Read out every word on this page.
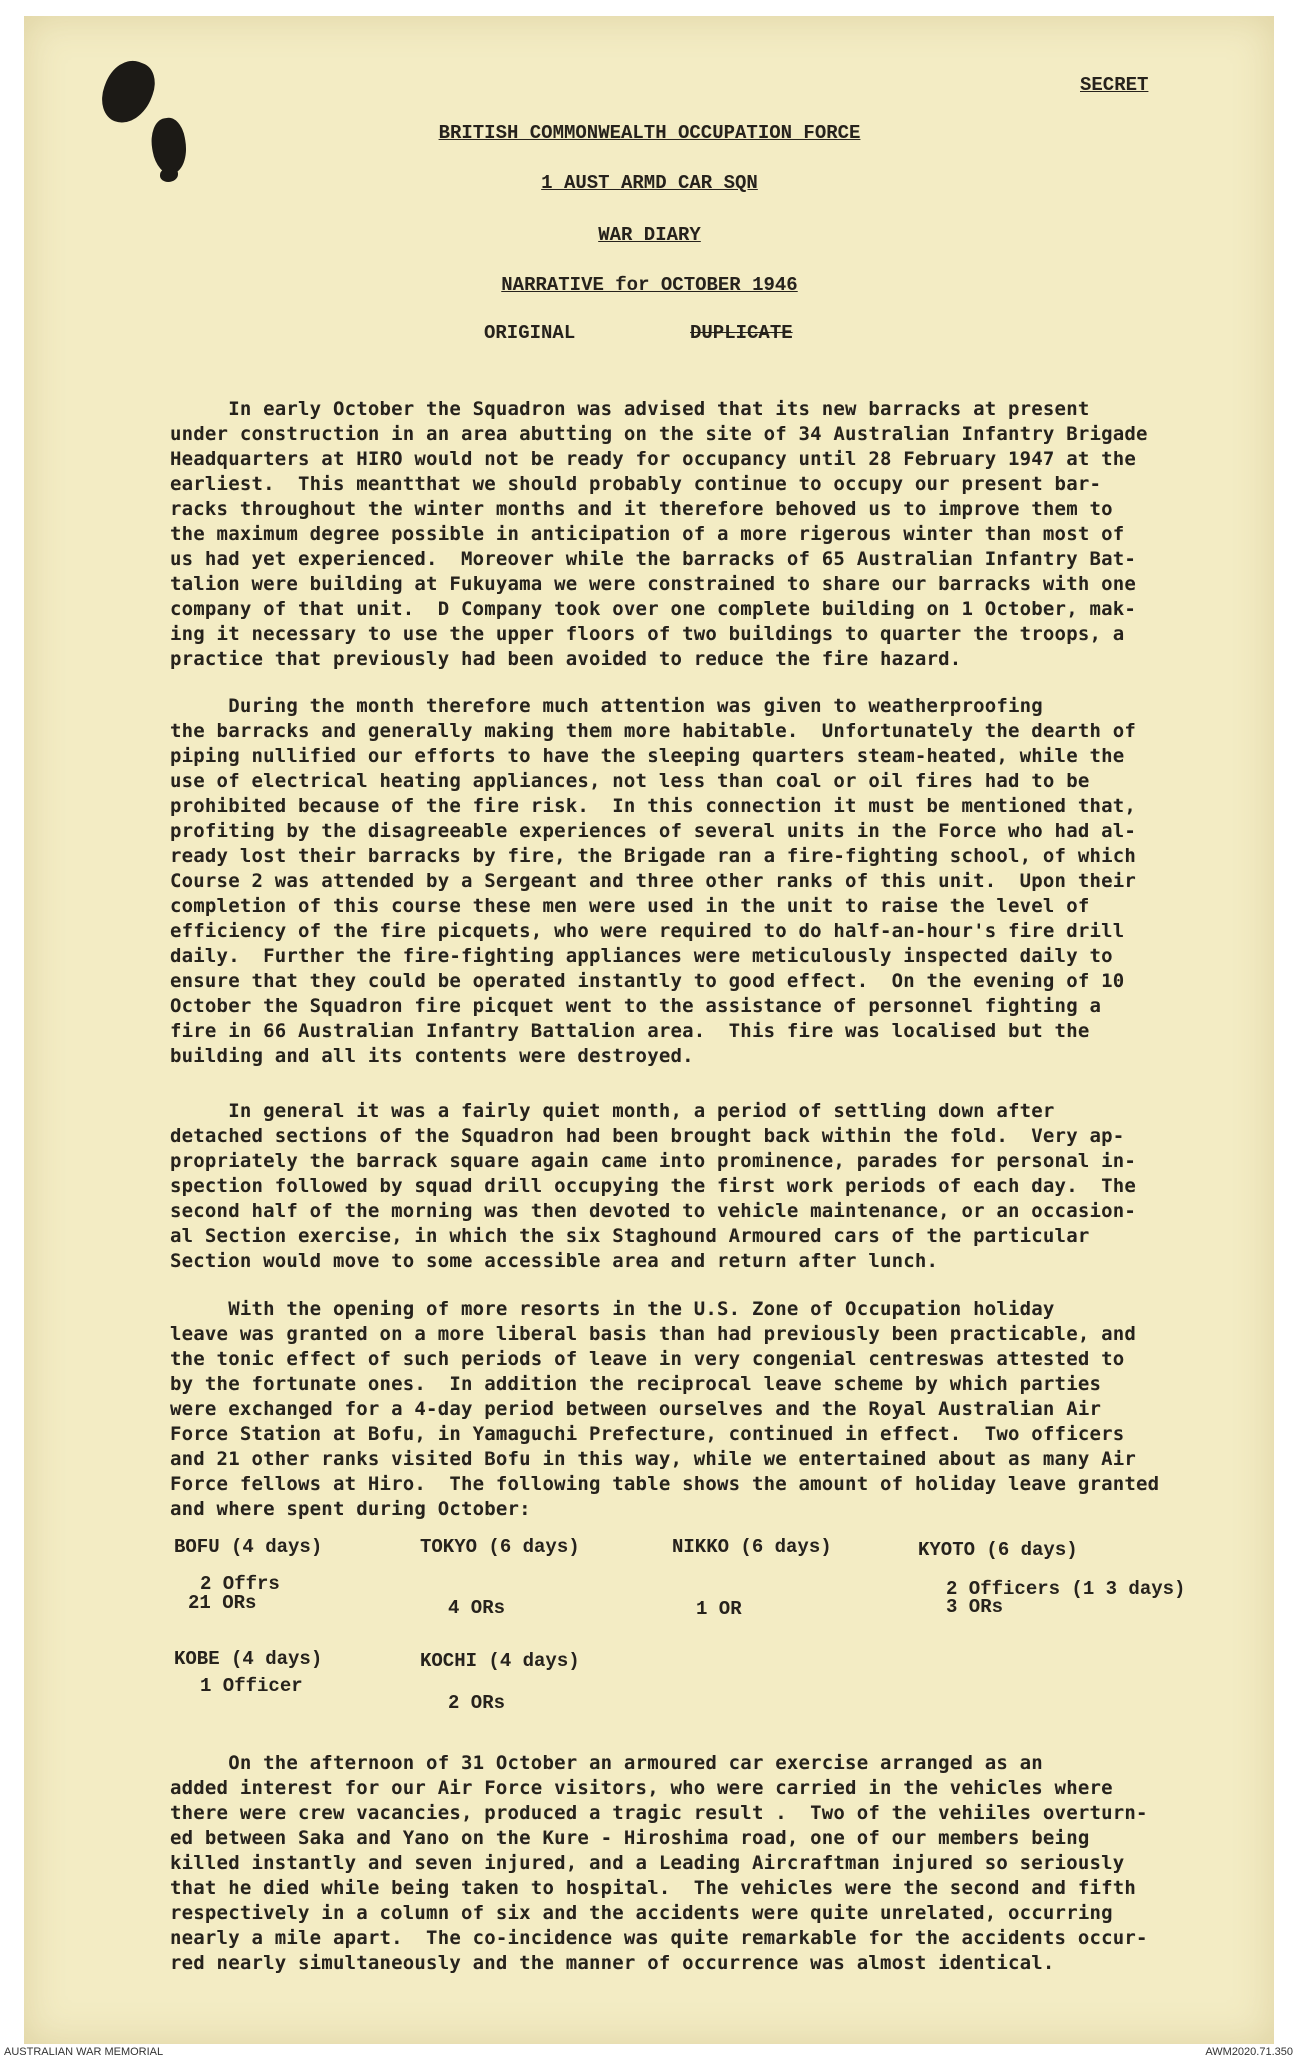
SECRET
BRITISH COMMONWEALTH OCCUPATION FORCE
1 AUST ARMD CAR SQN
WAR DIARY
NARRATIVE for OCTOBER 1946
ORIGINAL	DUPLICATE
In early October the Squadron was advised that its new barracks at present
under construction in an area abutting on the site of 34 Australian Infantry Brigade
Headquarters at HIRO would not be ready for occupancy until 28 February 1947 at the
earliest.  This meantthat we should probably continue to occupy our present bar-
racks throughout the winter months and it therefore behoved us to improve them to
the maximum degree possible in anticipation of a more rigerous winter than most of
us had yet experienced.  Moreover while the barracks of 65 Australian Infantry Bat-
talion were building at Fukuyama we were constrained to share our barracks with one
company of that unit.  D Company took over one complete building on 1 October, mak-
ing it necessary to use the upper floors of two buildings to quarter the troops, a
practice that previously had been avoided to reduce the fire hazard.
During the month therefore much attention was given to weatherproofing
the barracks and generally making them more habitable.  Unfortunately the dearth of
piping nullified our efforts to have the sleeping quarters steam-heated, while the
use of electrical heating appliances, not less than coal or oil fires had to be
prohibited because of the fire risk.  In this connection it must be mentioned that,
profiting by the disagreeable experiences of several units in the Force who had al-
ready lost their barracks by fire, the Brigade ran a fire-fighting school, of which
Course 2 was attended by a Sergeant and three other ranks of this unit.  Upon their
completion of this course these men were used in the unit to raise the level of
efficiency of the fire picquets, who were required to do half-an-hour's fire drill
daily.  Further the fire-fighting appliances were meticulously inspected daily to
ensure that they could be operated instantly to good effect.  On the evening of 10
October the Squadron fire picquet went to the assistance of personnel fighting a
fire in 66 Australian Infantry Battalion area.  This fire was localised but the
building and all its contents were destroyed.
In general it was a fairly quiet month, a period of settling down after
detached sections of the Squadron had been brought back within the fold.  Very ap-
propriately the barrack square again came into prominence, parades for personal in-
spection followed by squad drill occupying the first work periods of each day.  The
second half of the morning was then devoted to vehicle maintenance, or an occasion-
al Section exercise, in which the six Staghound Armoured cars of the particular
Section would move to some accessible area and return after lunch.
With the opening of more resorts in the U.S. Zone of Occupation holiday
leave was granted on a more liberal basis than had previously been practicable, and
the tonic effect of such periods of leave in very congenial centreswas attested to
by the fortunate ones.  In addition the reciprocal leave scheme by which parties
were exchanged for a 4-day period between ourselves and the Royal Australian Air
Force Station at Bofu, in Yamaguchi Prefecture, continued in effect.  Two officers
and 21 other ranks visited Bofu in this way, while we entertained about as many Air
Force fellows at Hiro.  The following table shows the amount of holiday leave granted
and where spent during October:
BOFU (4 days)
2 Offrs
21 ORs
TOKYO (6 days)
4 ORs
NIKKO (6 days)
1 OR
KYOTO (6 days)
2 Officers (1 3 days)
3 ORs
KOBE (4 days)
1 Officer
KOCHI (4 days)
2 ORs
On the afternoon of 31 October an armoured car exercise arranged as an
added interest for our Air Force visitors, who were carried in the vehicles where
there were crew vacancies, produced a tragic result .  Two of the vehiiles overturn-
ed between Saka and Yano on the Kure - Hiroshima road, one of our members being
killed instantly and seven injured, and a Leading Aircraftman injured so seriously
that he died while being taken to hospital.  The vehicles were the second and fifth
respectively in a column of six and the accidents were quite unrelated, occurring
nearly a mile apart.  The co-incidence was quite remarkable for the accidents occur-
red nearly simultaneously and the manner of occurrence was almost identical.
AUSTRALIAN WAR MEMORIAL	AWM2020.71.350
